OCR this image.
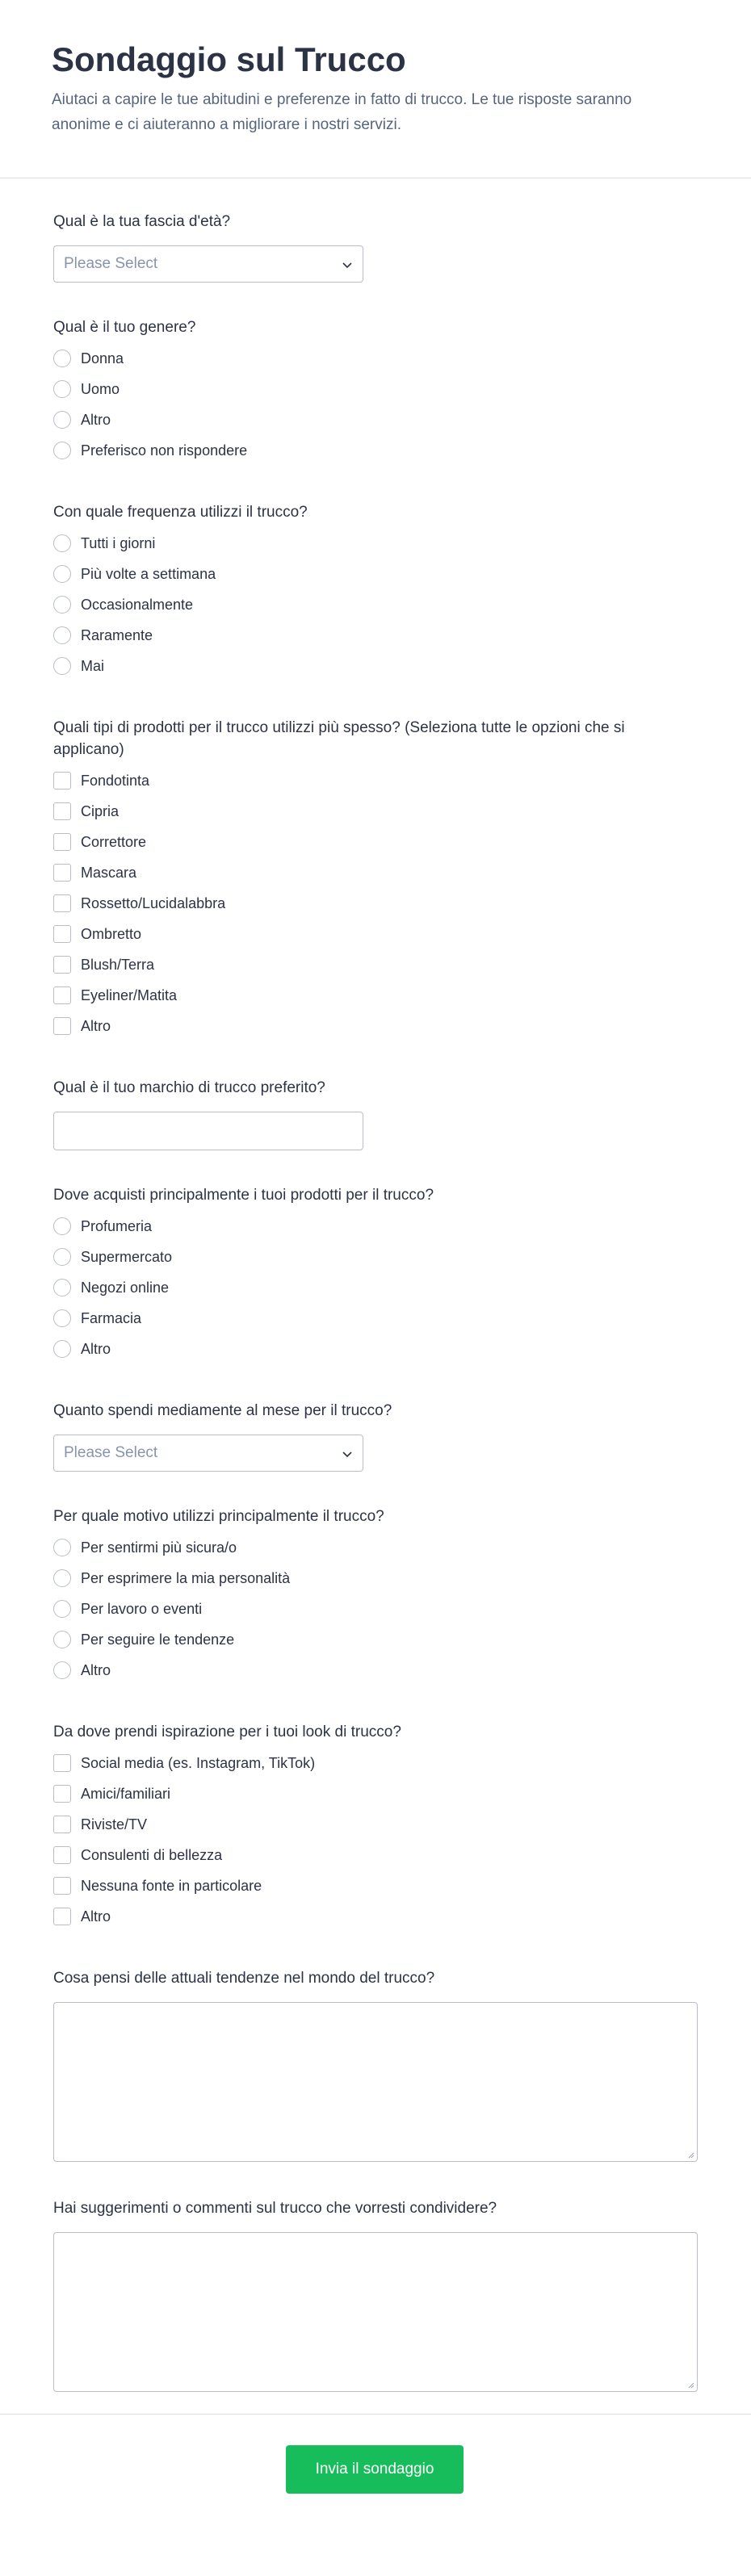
Sondaggio sul Trucco

Aiutaci a capire le tue abitudini e preferenze in fatto di trucco. Le tue risposte saranno anonime e ci aiuteranno a migliorare i nostri servizi.

Qual è la tua fascia d'età?
Please Select
Qual è il tuo genere?
Donna
Uomo
Altro
Preferisco non rispondere
Con quale frequenza utilizzi il trucco?
Tutti i giorni
Più volte a settimana
Occasionalmente
Raramente
Mai
Quali tipi di prodotti per il trucco utilizzi più spesso? (Seleziona tutte le opzioni che si applicano)
Fondotinta
Cipria
Correttore
Mascara
Rossetto/Lucidalabbra
Ombretto
Blush/Terra
Eyeliner/Matita
Altro
Qual è il tuo marchio di trucco preferito?
Dove acquisti principalmente i tuoi prodotti per il trucco?
Profumeria
Supermercato
Negozi online
Farmacia
Altro
Quanto spendi mediamente al mese per il trucco?
Please Select
Per quale motivo utilizzi principalmente il trucco?
Per sentirmi più sicura/o
Per esprimere la mia personalità
Per lavoro o eventi
Per seguire le tendenze
Altro
Da dove prendi ispirazione per i tuoi look di trucco?
Social media (es. Instagram, TikTok)
Amici/familiari
Riviste/TV
Consulenti di bellezza
Nessuna fonte in particolare
Altro
Cosa pensi delle attuali tendenze nel mondo del trucco?
Hai suggerimenti o commenti sul trucco che vorresti condividere?
Invia il sondaggio
